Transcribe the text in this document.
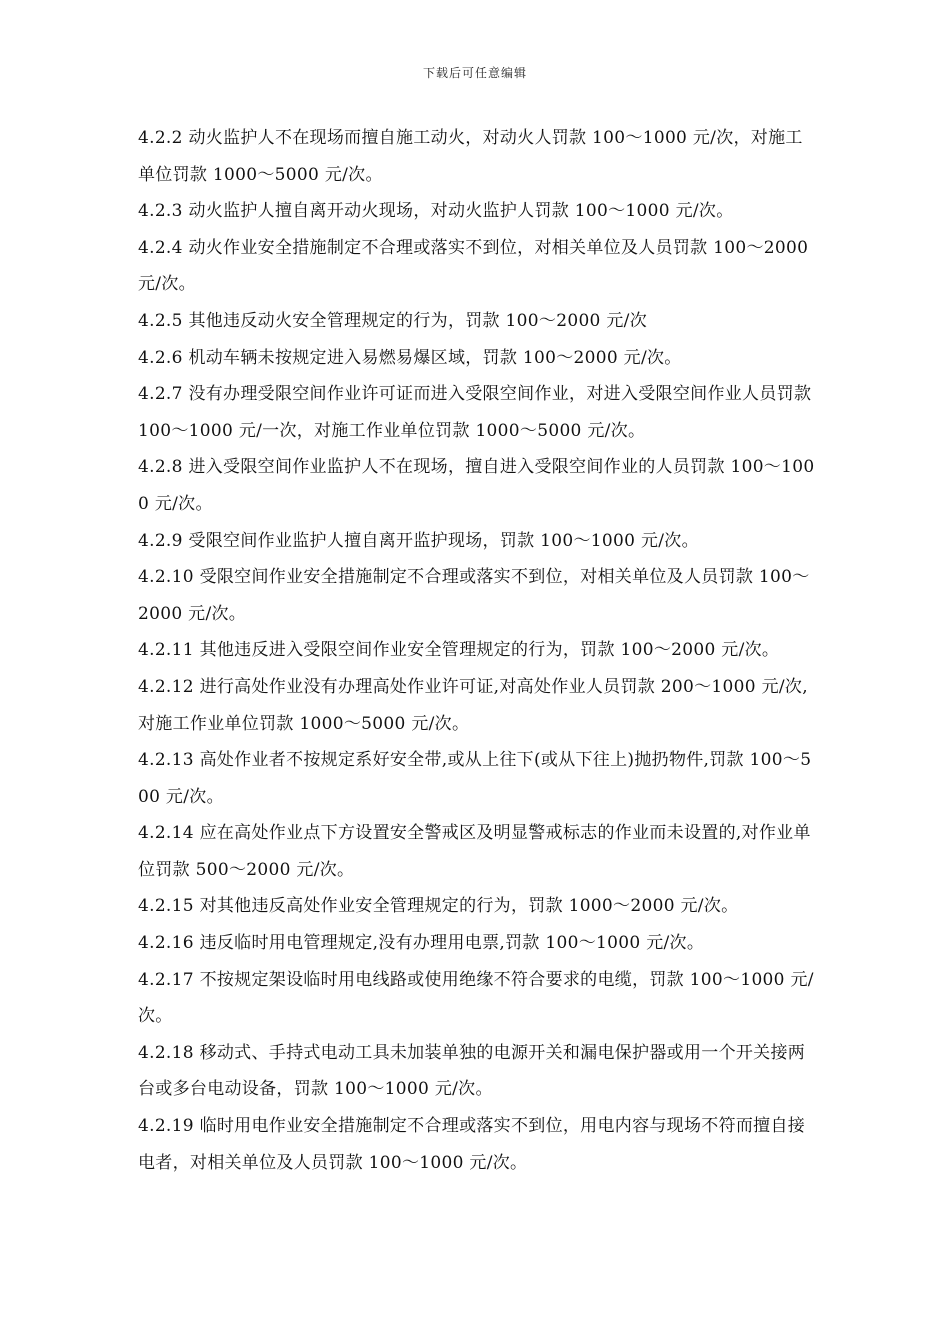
下载后可任意编辑

4.2.2 动火监护人不在现场而擅自施工动火，对动火人罚款 100～1000 元/次，对施工单位罚款 1000～5000 元/次。

4.2.3 动火监护人擅自离开动火现场，对动火监护人罚款 100～1000 元/次。

4.2.4 动火作业安全措施制定不合理或落实不到位，对相关单位及人员罚款 100～2000 元/次。

4.2.5 其他违反动火安全管理规定的行为，罚款 100～2000 元/次

4.2.6 机动车辆未按规定进入易燃易爆区域，罚款 100～2000 元/次。

4.2.7 没有办理受限空间作业许可证而进入受限空间作业，对进入受限空间作业人员罚款 100～1000 元/一次，对施工作业单位罚款 1000～5000 元/次。

4.2.8 进入受限空间作业监护人不在现场，擅自进入受限空间作业的人员罚款 100～1000 元/次。

4.2.9 受限空间作业监护人擅自离开监护现场，罚款 100～1000 元/次。

4.2.10 受限空间作业安全措施制定不合理或落实不到位，对相关单位及人员罚款 100～2000 元/次。

4.2.11 其他违反进入受限空间作业安全管理规定的行为，罚款 100～2000 元/次。

4.2.12 进行高处作业没有办理高处作业许可证,对高处作业人员罚款 200～1000 元/次,对施工作业单位罚款 1000～5000 元/次。

4.2.13 高处作业者不按规定系好安全带,或从上往下(或从下往上)抛扔物件,罚款 100～500 元/次。

4.2.14 应在高处作业点下方设置安全警戒区及明显警戒标志的作业而未设置的,对作业单位罚款 500～2000 元/次。

4.2.15 对其他违反高处作业安全管理规定的行为，罚款 1000～2000 元/次。

4.2.16 违反临时用电管理规定,没有办理用电票,罚款 100～1000 元/次。

4.2.17 不按规定架设临时用电线路或使用绝缘不符合要求的电缆，罚款 100～1000 元/次。

4.2.18 移动式、手持式电动工具未加装单独的电源开关和漏电保护器或用一个开关接两台或多台电动设备，罚款 100～1000 元/次。

4.2.19 临时用电作业安全措施制定不合理或落实不到位，用电内容与现场不符而擅自接电者，对相关单位及人员罚款 100～1000 元/次。
